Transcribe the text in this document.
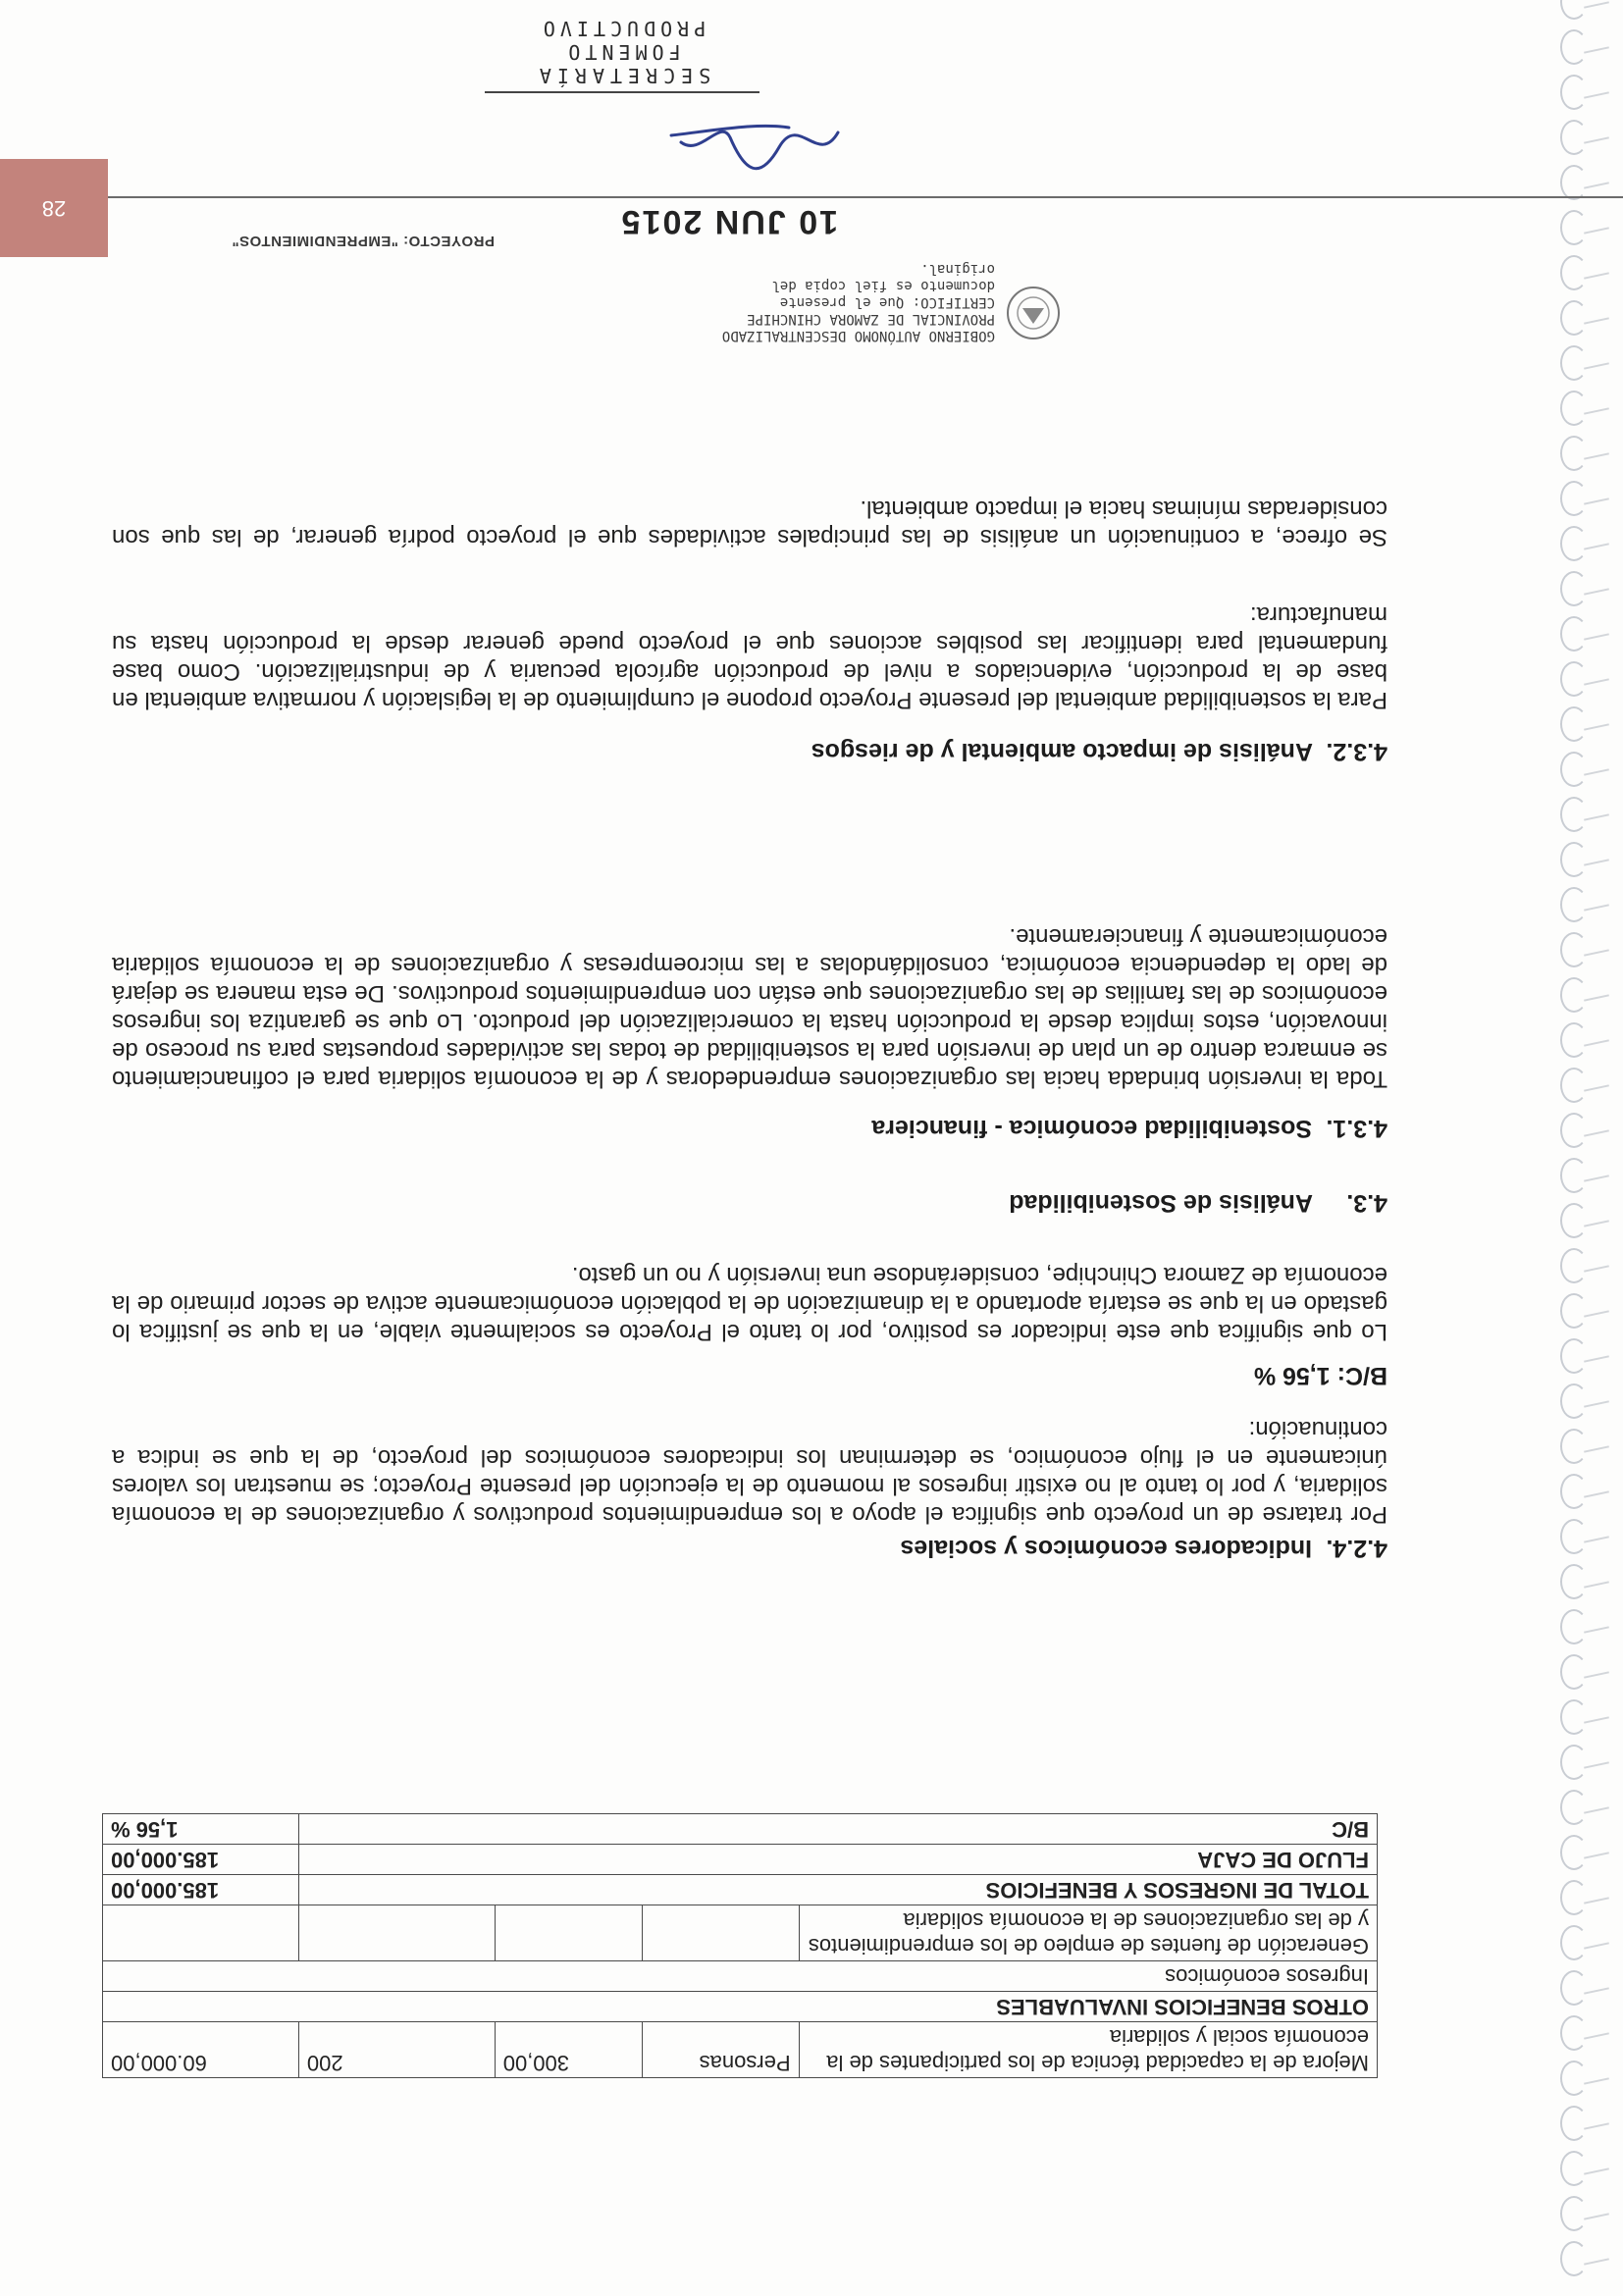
PROYECTO: "EMPRENDIMIENTOS"
28
GOBIERNO AUTÓNOMO DESCENTRALIZADO
PROVINCIAL DE ZAMORA CHINCHIPE
CERTIFICO: Que el presente
documento es fiel copia del
original.
10 JUN 2015
SECRETARÍA
FOMENTO PRODUCTIVO
Mejora de la capacidad técnica de los participantes de la economía social y solidaria	Personas	300,00	200	60.000,00
OTROS BENEFICIOS INVALUABLES				
Ingresos económicos				
Generación de fuentes de empleo de los emprendimientos y de las organizaciones de la economía solidaria				
TOTAL DE INGRESOS Y BENEFICIOS				185.000,00
FLUJO DE CAJA				185.000,00
B/C				1,56 %
4.2.4. Indicadores económicos y sociales
Por tratarse de un proyecto que significa el apoyo a los emprendimientos productivos y organizaciones de la economía solidaria, y por lo tanto al no existir ingresos al momento de la ejecución del presente Proyecto; se muestran los valores únicamente en el flujo económico, se determinan los indicadores económicos del proyecto, de la que se indica a continuación:
B/C: 1,56 %
Lo que significa que este indicador es positivo, por lo tanto el Proyecto es socialmente viable, en la que se justifica lo gastado en la que se estaría aportando a la dinamización de la población económicamente activa de sector primario de la economía de Zamora Chinchipe, considerándose una inversión y no un gasto.
4.3. Análisis de Sostenibilidad
4.3.1. Sostenibilidad económica - financiera
Toda la inversión brindada hacia las organizaciones emprendedoras y de la economía solidaria para el cofinanciamiento se enmarca dentro de un plan de inversión para la sostenibilidad de todas las actividades propuestas para su proceso de innovación, estos implica desde la producción hasta la comercialización del producto. Lo que se garantiza los ingresos económicos de las familias de las organizaciones que están con emprendimientos productivos. De esta manera se dejará de lado la dependencia económica, consolidándolas a las microempresas y organizaciones de la economía solidaria económicamente y financieramente.
4.3.2. Análisis de impacto ambiental y de riesgos
Para la sostenibilidad ambiental del presente Proyecto propone el cumplimiento de la legislación y normativa ambiental en base de la producción, evidenciados a nivel de producción agrícola pecuaria y de industrialización. Como base fundamental para identificar las posibles acciones que el proyecto puede generar desde la producción hasta su manufactura:
Se ofrece, a continuación un análisis de las principales actividades que el proyecto podría generar, de las que son consideradas mínimas hacia el impacto ambiental.
